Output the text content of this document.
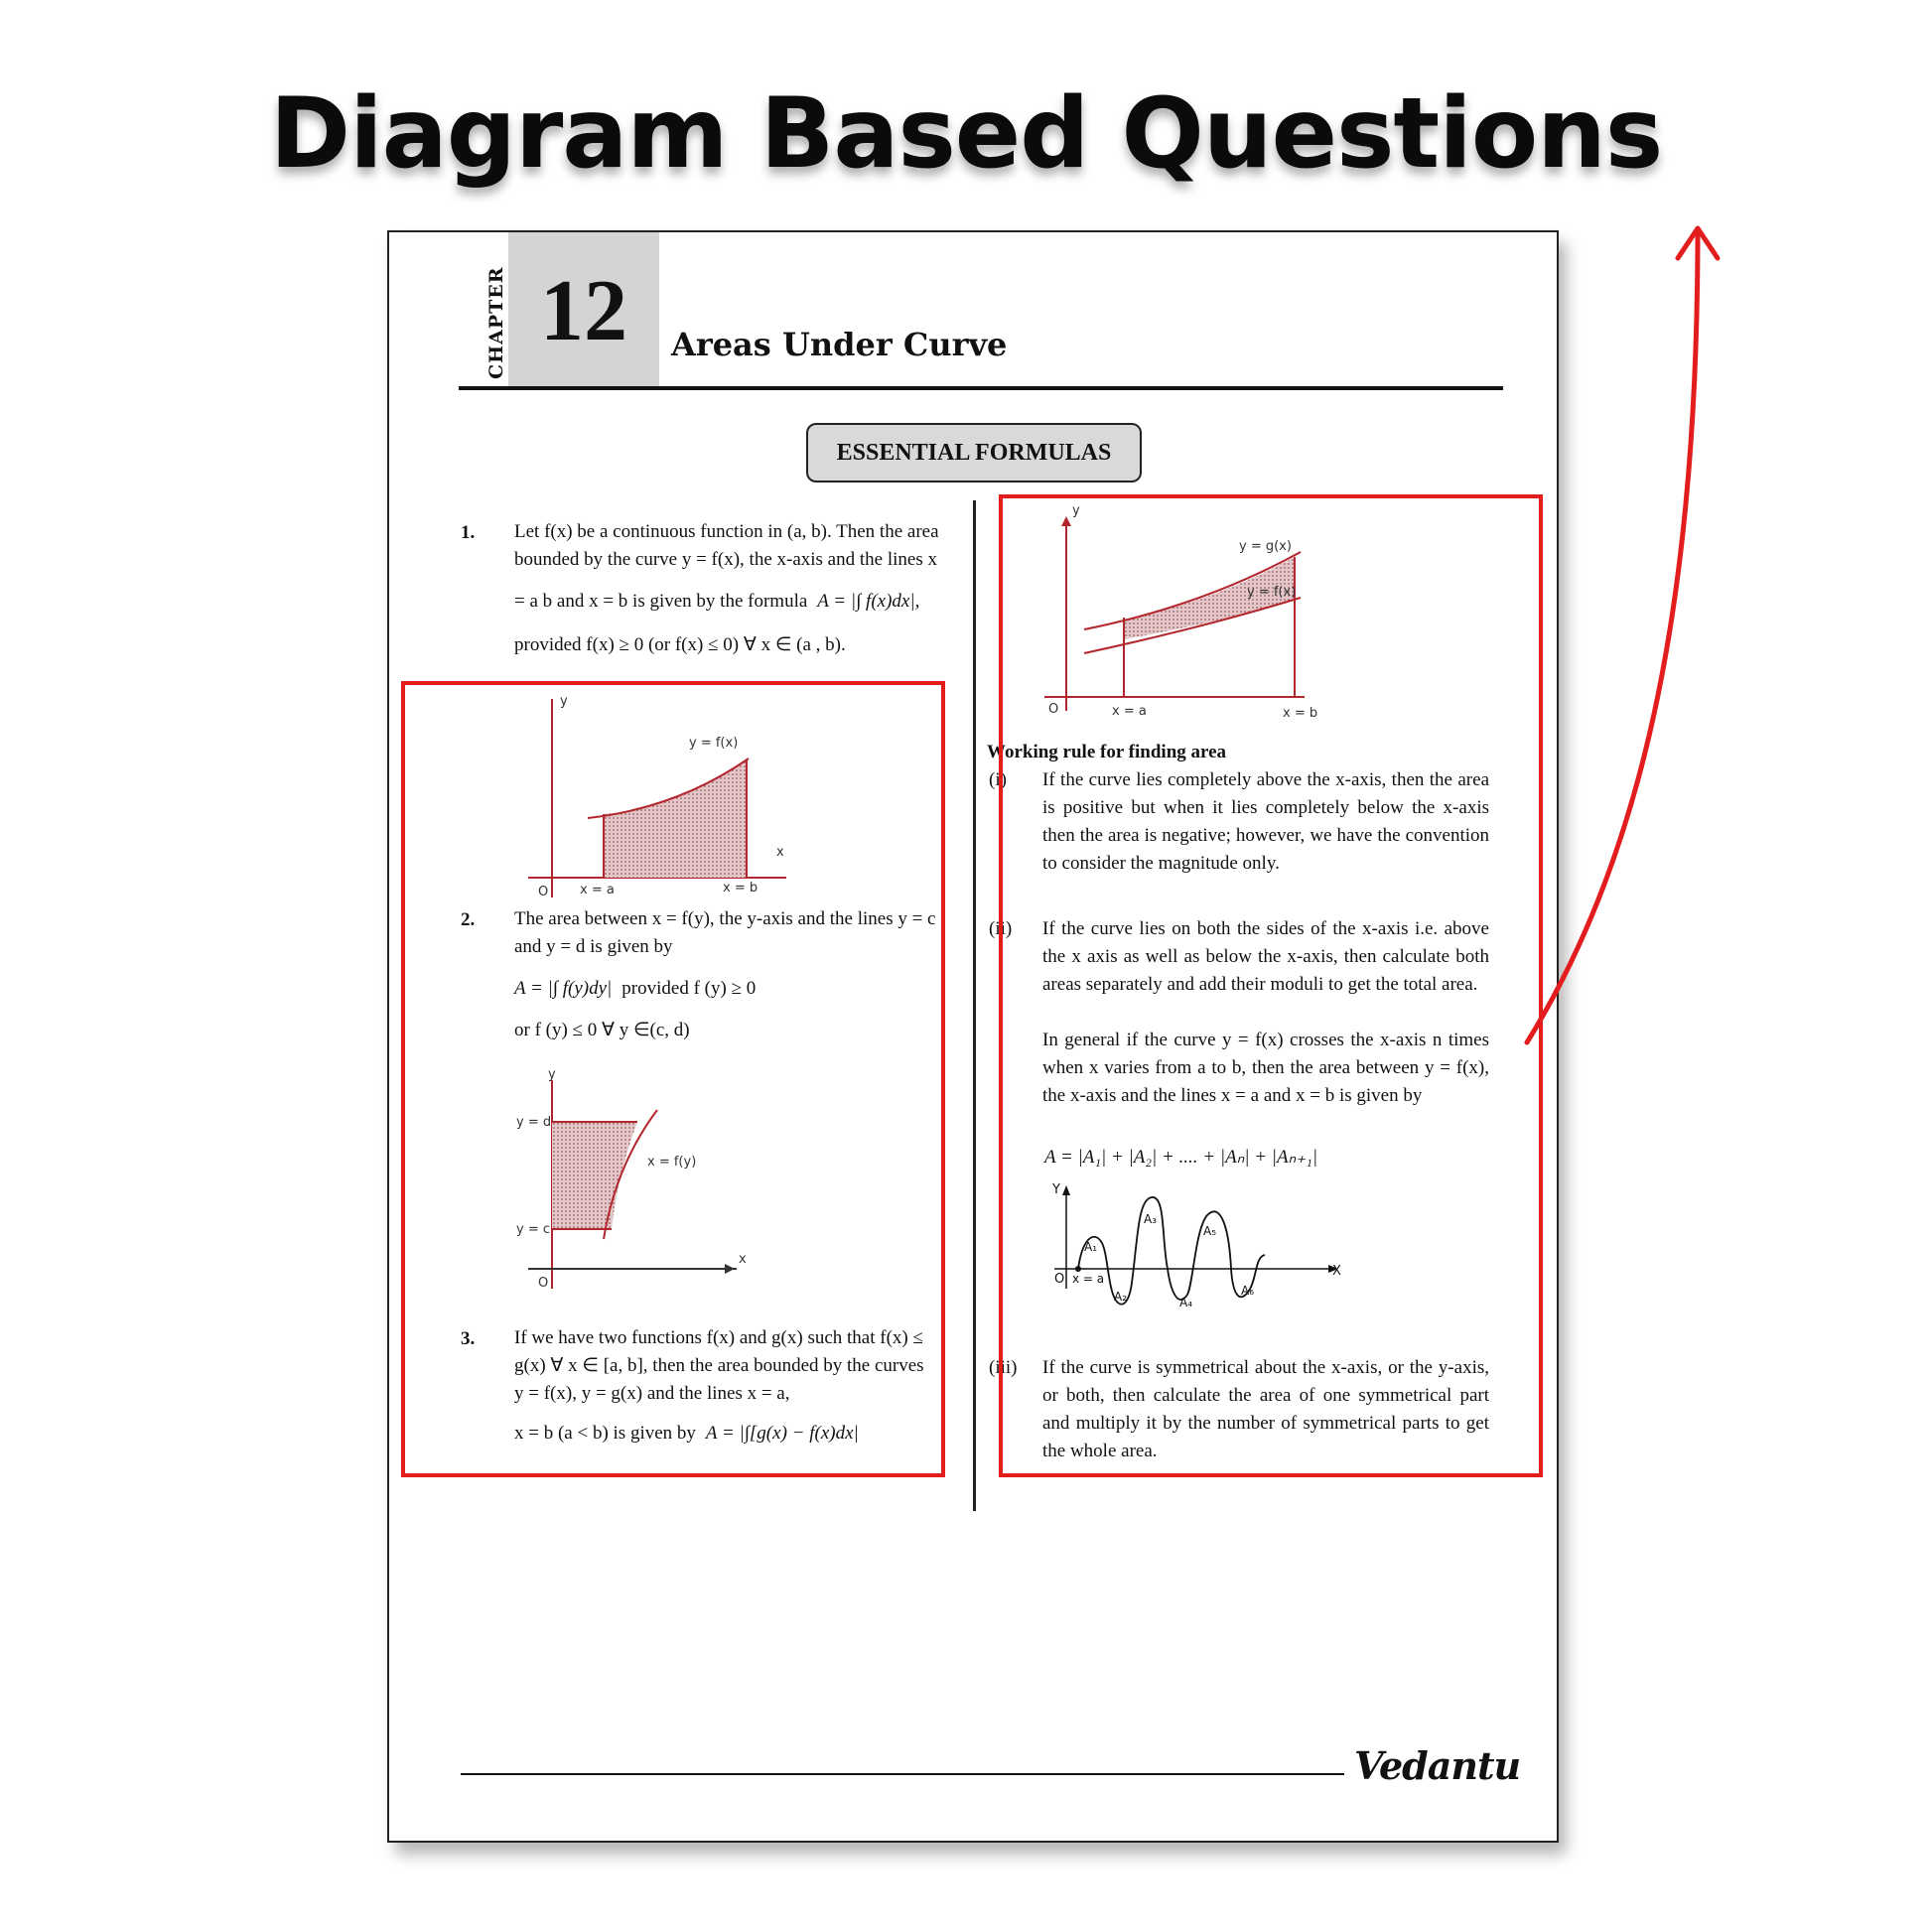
Diagram Based Questions
CHAPTER 12	Areas Under Curve
ESSENTIAL FORMULAS
1. Let f(x) be a continuous function in (a, b). Then the area
bounded by the curve y = f(x), the x-axis and the lines x
= a b and x = b is given by the formula A = |∫ f(x)dx|,
provided f(x) ≥ 0 (or f(x) ≤ 0) ∀ x ∈ (a , b).
y = f(x)
x
y
O x = a	x = b
2. The area between x = f(y), the y-axis and the lines y = c
and y = d is given by
A = |∫ f(y)dy| provided f (y) ≥ 0
or f (y) ≤ 0 ∀ y ∈(c, d)
y
y = d
y = c
x = f(y)
O
x
3. If we have two functions f(x) and g(x) such that f(x) ≤
g(x) ∀ x ∈ [a, b], then the area bounded by the curves
y = f(x), y = g(x) and the lines x = a,
x = b (a < b) is given by A = |∫[g(x) − f(x)dx|
y
y = g(x)
y = f(x)
O	x = a	x = b
Working rule for finding area
(i) If the curve lies completely above the x-axis, then the area is positive but when it lies completely below the x-axis then the area is negative; however, we have the convention to consider the magnitude only.
(ii) If the curve lies on both the sides of the x-axis i.e. above the x axis as well as below the x-axis, then calculate both areas separately and add their moduli to get the total area.
In general if the curve y = f(x) crosses the x-axis n times when x varies from a to b, then the area between y = f(x), the x-axis and the lines x = a and x = b is given by
A = |A₁| + |A₂| + .... + |Aₙ| + |Aₙ₊₁|
Y
X
O x = a
A₁
A₂
A₃
A₄
A₅
A₆
(iii) If the curve is symmetrical about the x-axis, or the y-axis, or both, then calculate the area of one symmetrical part and multiply it by the number of symmetrical parts to get the whole area.
Vedantu
